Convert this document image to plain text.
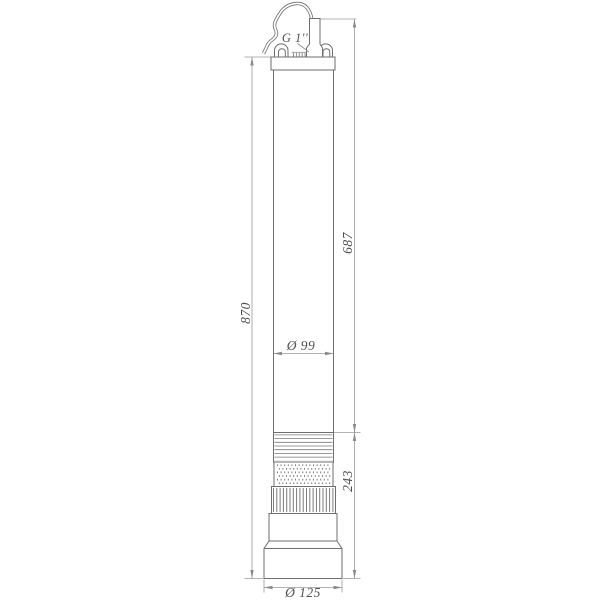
G 1''
870
687
243
Ø 99
Ø 125
